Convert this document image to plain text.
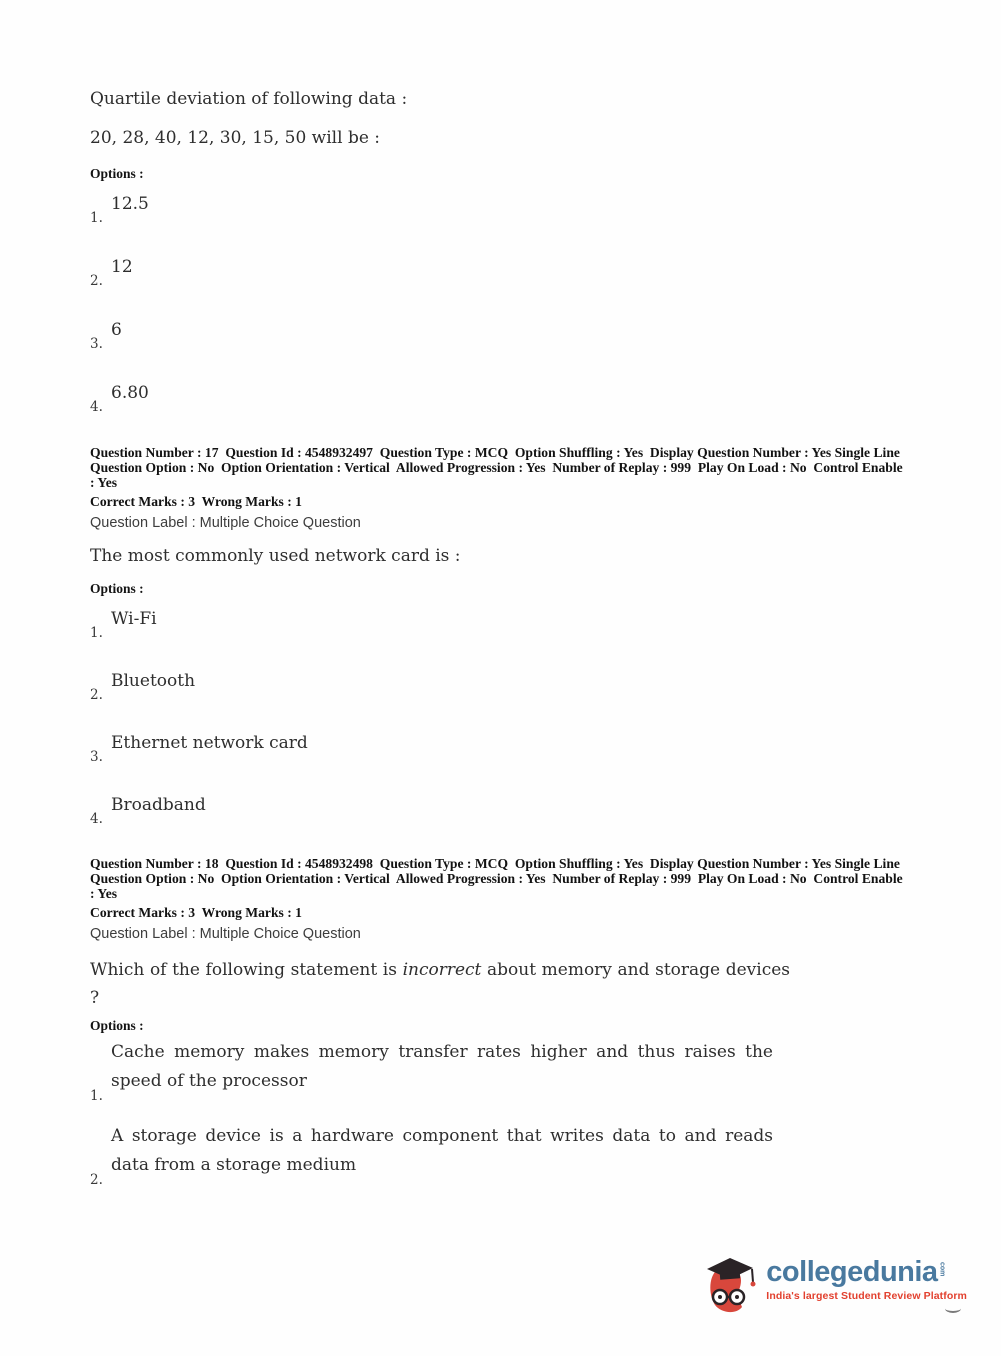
Quartile deviation of following data :

20, 28, 40, 12, 30, 15, 50 will be :

Options :

1.
12.5
2.
12
3.
6
4.
6.80

Question Number : 17  Question Id : 4548932497  Question Type : MCQ  Option Shuffling : Yes  Display Question Number : Yes Single Line Question Option : No  Option Orientation : Vertical  Allowed Progression : Yes  Number of Replay : 999  Play On Load : No  Control Enable : Yes

Correct Marks : 3  Wrong Marks : 1

Question Label : Multiple Choice Question

The most commonly used network card is :

Options :

1.
Wi-Fi
2.
Bluetooth
3.
Ethernet network card
4.
Broadband

Question Number : 18  Question Id : 4548932498  Question Type : MCQ  Option Shuffling : Yes  Display Question Number : Yes Single Line Question Option : No  Option Orientation : Vertical  Allowed Progression : Yes  Number of Replay : 999  Play On Load : No  Control Enable : Yes

Correct Marks : 3  Wrong Marks : 1

Question Label : Multiple Choice Question

Which of the following statement is incorrect about memory and storage devices ?

Options :

1.
Cache memory makes memory transfer rates higher and thus raises the speed of the processor
2.
A storage device is a hardware component that writes data to and reads data from a storage medium
collegedunia com
India's largest Student Review Platform
